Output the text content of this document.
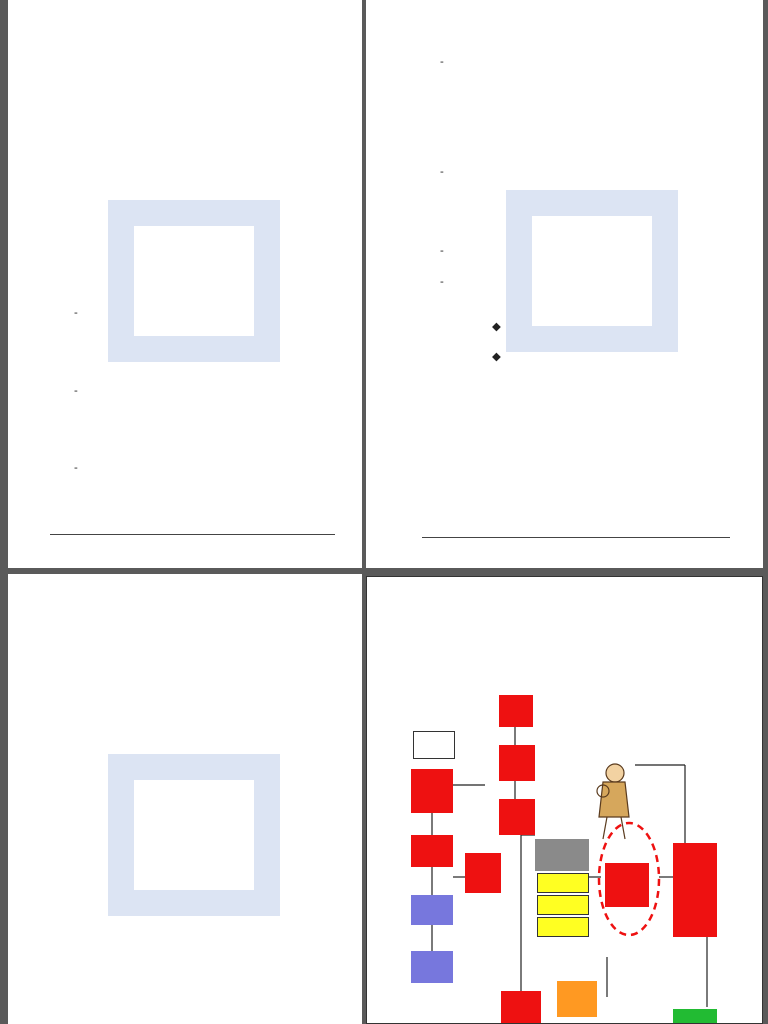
-
-
-
-
-
-
-
◆
◆
